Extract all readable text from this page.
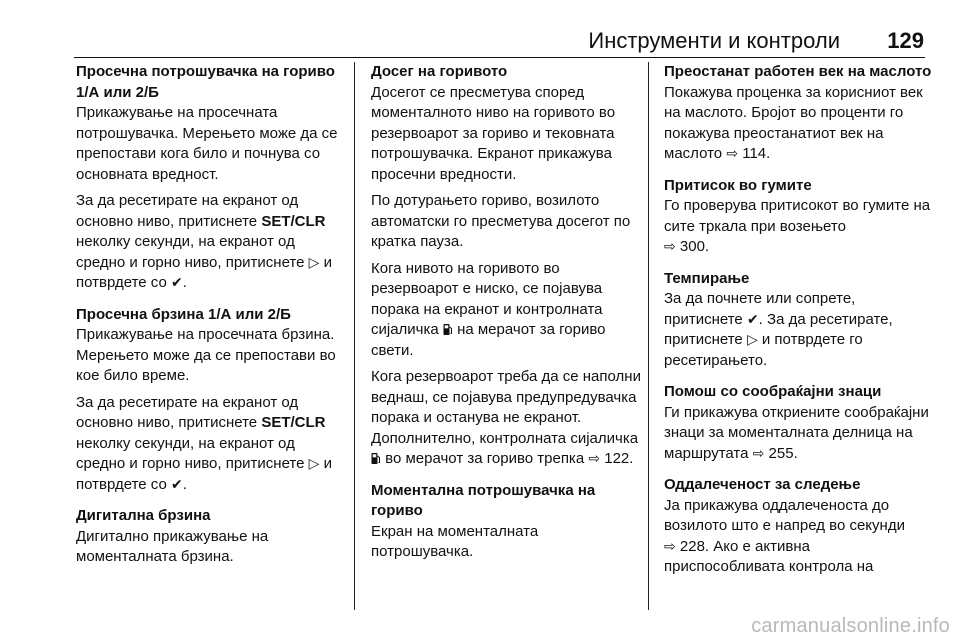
Инструменти и контроли 129

Просечна потрошувачка на гориво 1/А или 2/Б

Прикажување на просечната потрошувачка. Мерењето може да се препостави кога било и почнува со основната вредност.

За да ресетирате на екранот од основно ниво, притиснете SET/CLR неколку секунди, на екранот од средно и горно ниво, притиснете ▷ и потврдете со ✔.

Просечна брзина 1/А или 2/Б

Прикажување на просечната брзина. Мерењето може да се препостави во кое било време.

За да ресетирате на екранот од основно ниво, притиснете SET/CLR неколку секунди, на екранот од средно и горно ниво, притиснете ▷ и потврдете со ✔.

Дигитална брзина

Дигитално прикажување на моменталната брзина.

Досег на горивото

Досегот се пресметува според моменталното ниво на горивото во резервоарот за гориво и тековната потрошувачка. Екранот прикажува просечни вредности.

По дотурањето гориво, возилото автоматски го пресметува досегот по кратка пауза.

Кога нивото на горивото во резервоарот е ниско, се појавува порака на екранот и контролната сијаличка на мерачот за гориво свети.

Кога резервоарот треба да се наполни веднаш, се појавува предупредувачка порака и останува не екранот.
Дополнително, контролната сијаличка  во мерачот за гориво трепка ⇨ 122.

Моментална потрошувачка на гориво

Екран на моменталната потрошувачка.

Преостанат работен век на маслото

Покажува проценка за корисниот век на маслото. Бројот во проценти го покажува преостанатиот век на маслото ⇨ 114.

Притисок во гумите

Го проверува притисокот во гумите на сите тркала при возењето
⇨ 300.

Темпирање

За да почнете или сопрете, притиснете ✔. За да ресетирате, притиснете ▷ и потврдете го ресетирањето.

Помош со сообраќајни знаци

Ги прикажува откриените сообраќајни знаци за моменталната делница на маршрутата ⇨ 255.

Оддалеченост за следење

Ја прикажува оддалеченоста до возилото што е напред во секунди
⇨ 228. Ако е активна приспособливата контрола на

carmanualsonline.info
